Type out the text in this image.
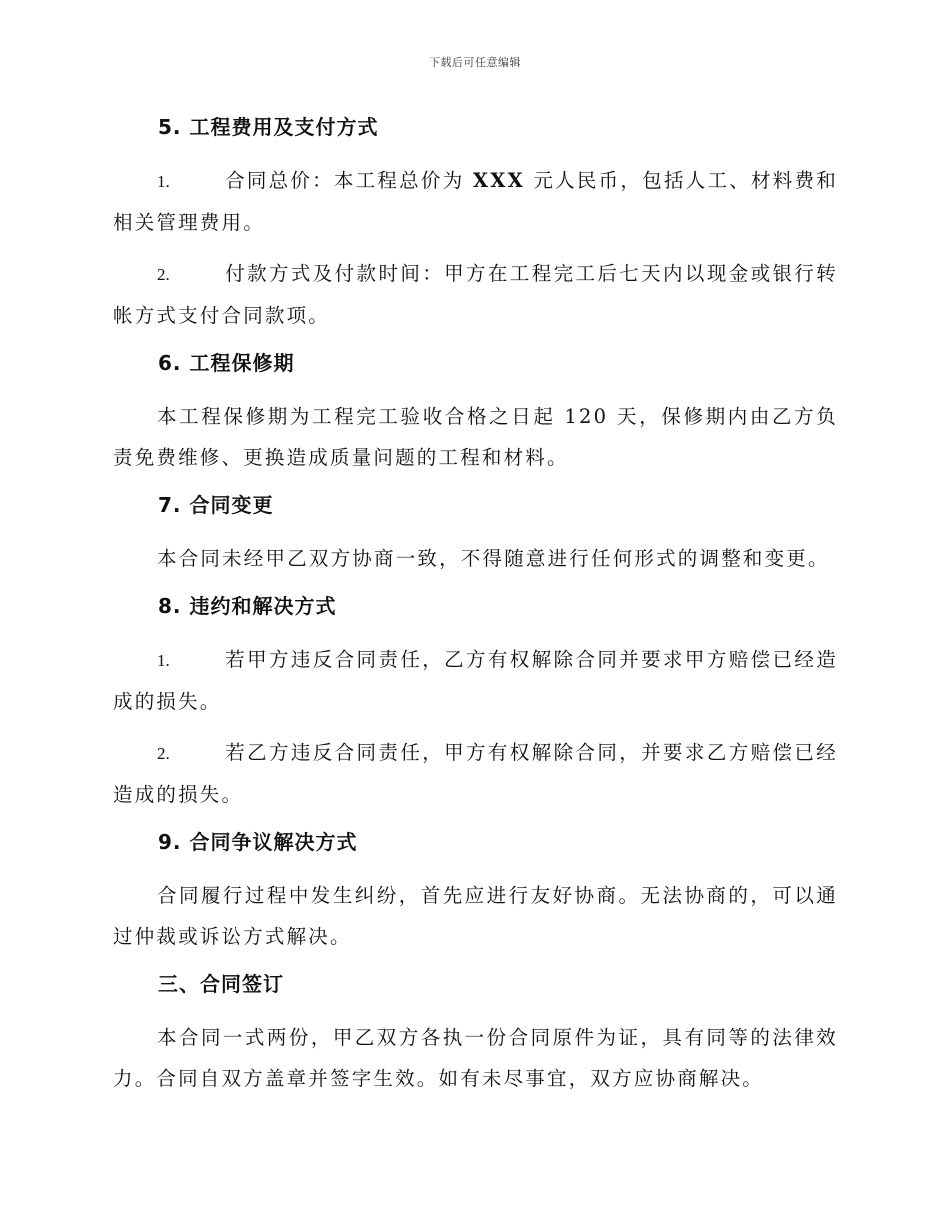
下载后可任意编辑
5. 工程费用及支付方式
1.	合同总价：本工程总价为 XXX 元人民币，包括人工、材料费和相关管理费用。
2.	付款方式及付款时间：甲方在工程完工后七天内以现金或银行转帐方式支付合同款项。
6. 工程保修期
本工程保修期为工程完工验收合格之日起 120 天，保修期内由乙方负责免费维修、更换造成质量问题的工程和材料。
7. 合同变更
本合同未经甲乙双方协商一致，不得随意进行任何形式的调整和变更。
8. 违约和解决方式
1.	若甲方违反合同责任，乙方有权解除合同并要求甲方赔偿已经造成的损失。
2.	若乙方违反合同责任，甲方有权解除合同，并要求乙方赔偿已经造成的损失。
9. 合同争议解决方式
合同履行过程中发生纠纷，首先应进行友好协商。无法协商的，可以通过仲裁或诉讼方式解决。
三、合同签订
本合同一式两份，甲乙双方各执一份合同原件为证，具有同等的法律效力。合同自双方盖章并签字生效。如有未尽事宜，双方应协商解决。
